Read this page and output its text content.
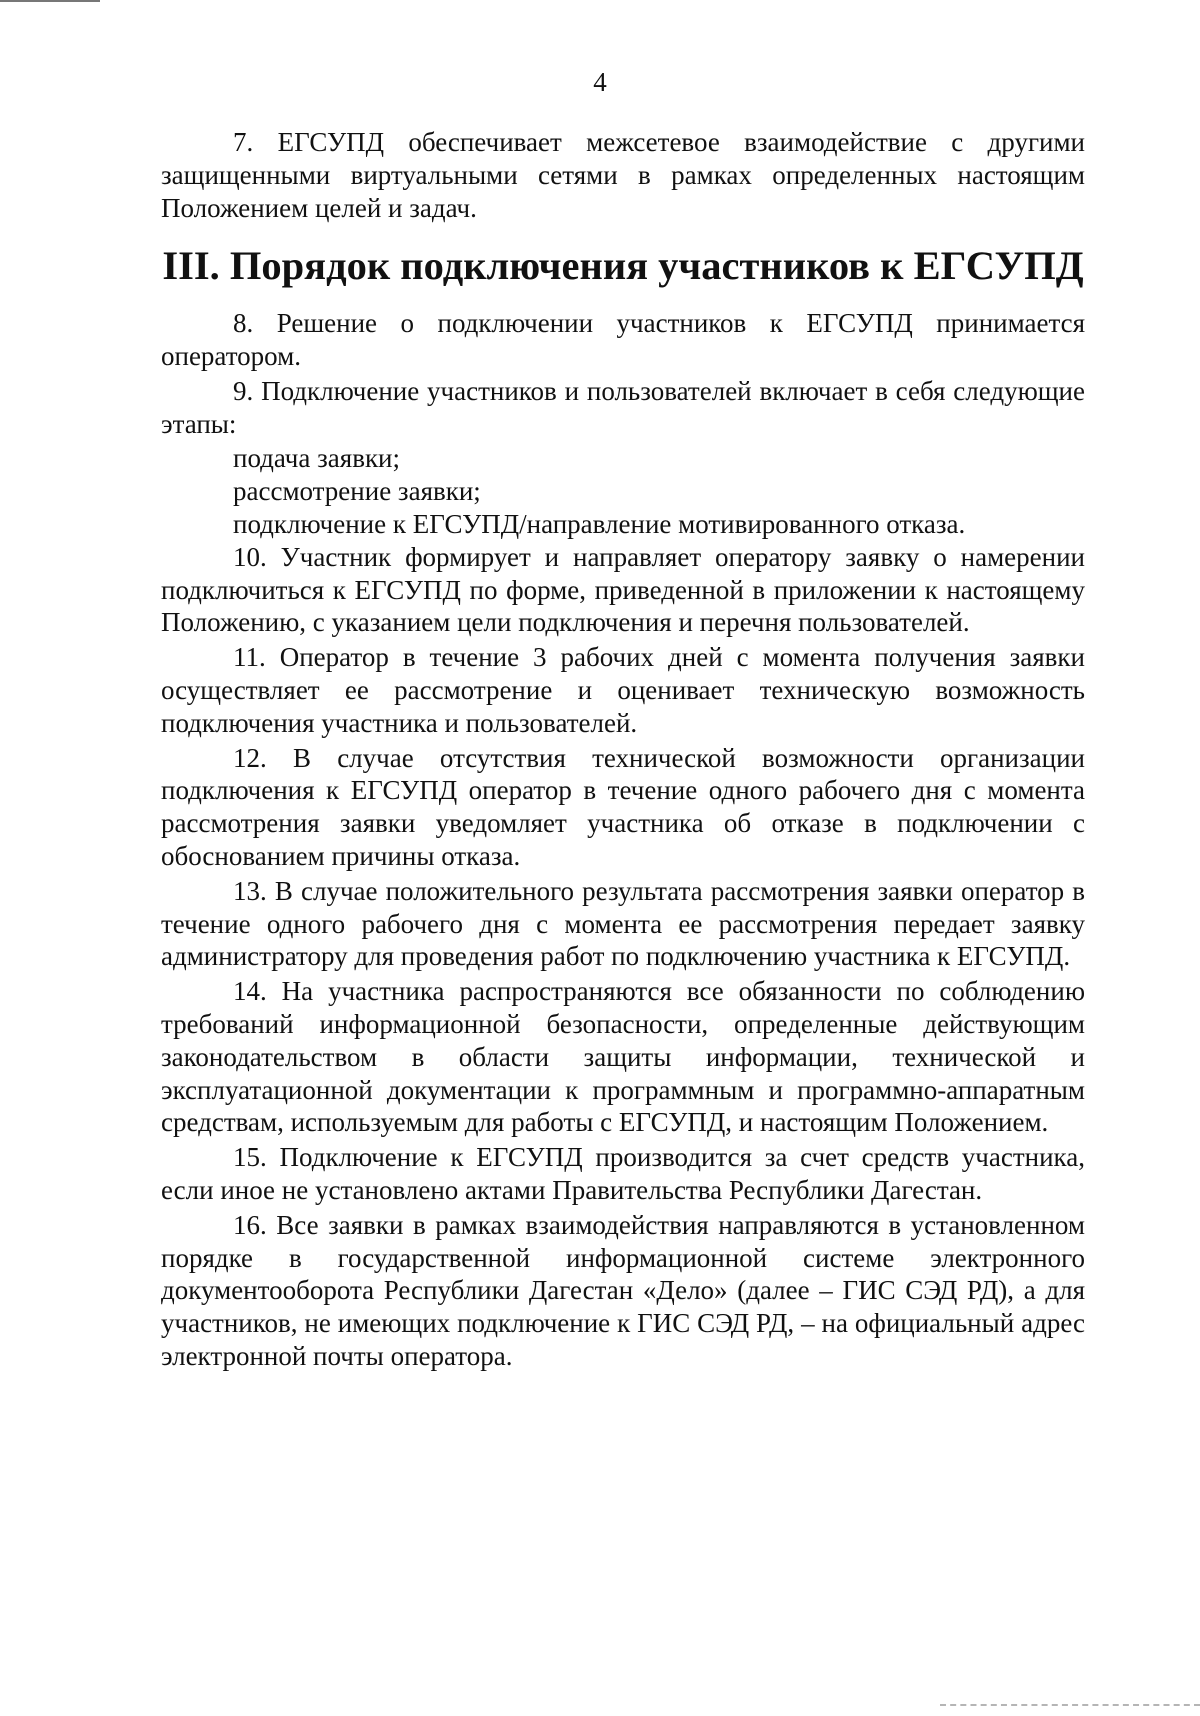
4

7. ЕГСУПД обеспечивает межсетевое взаимодействие с другими защищенными виртуальными сетями в рамках определенных настоящим Положением целей и задач.

III. Порядок подключения участников к ЕГСУПД

8. Решение о подключении участников к ЕГСУПД принимается оператором.

9. Подключение участников и пользователей включает в себя следующие этапы:

подача заявки;

рассмотрение заявки;

подключение к ЕГСУПД/направление мотивированного отказа.

10. Участник формирует и направляет оператору заявку о намерении подключиться к ЕГСУПД по форме, приведенной в приложении к настоящему Положению, с указанием цели подключения и перечня пользователей.

11. Оператор в течение 3 рабочих дней с момента получения заявки осуществляет ее рассмотрение и оценивает техническую возможность подключения участника и пользователей.

12. В случае отсутствия технической возможности организации подключения к ЕГСУПД оператор в течение одного рабочего дня с момента рассмотрения заявки уведомляет участника об отказе в подключении с обоснованием причины отказа.

13. В случае положительного результата рассмотрения заявки оператор в течение одного рабочего дня с момента ее рассмотрения передает заявку администратору для проведения работ по подключению участника к ЕГСУПД.

14. На участника распространяются все обязанности по соблюдению требований информационной безопасности, определенные действующим законодательством в области защиты информации, технической и эксплуатационной документации к программным и программно-аппаратным средствам, используемым для работы с ЕГСУПД, и настоящим Положением.

15. Подключение к ЕГСУПД производится за счет средств участника, если иное не установлено актами Правительства Республики Дагестан.

16. Все заявки в рамках взаимодействия направляются в установленном порядке в государственной информационной системе электронного документооборота Республики Дагестан «Дело» (далее – ГИС СЭД РД), а для участников, не имеющих подключение к ГИС СЭД РД, – на официальный адрес электронной почты оператора.
